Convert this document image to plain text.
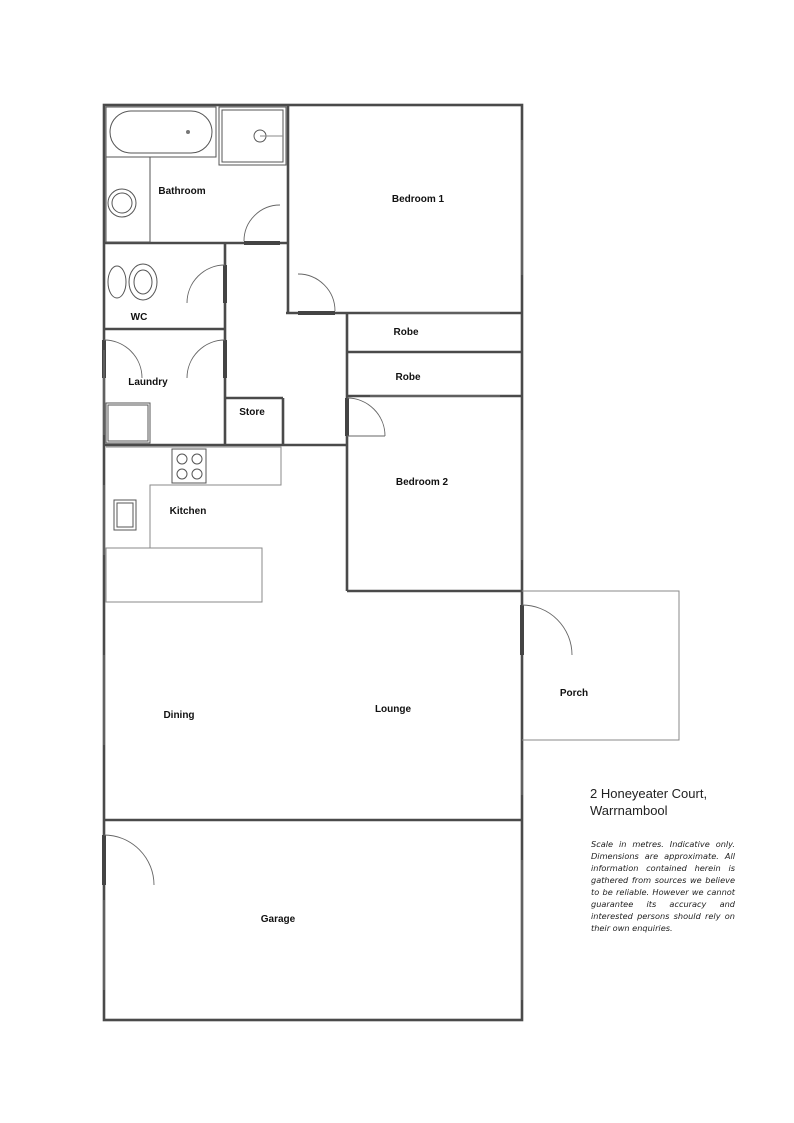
Bathroom
Bedroom 1
WC
Robe
Robe
Laundry
Store
Bedroom 2
Kitchen
Porch
Dining
Lounge
Garage
2 Honeyeater Court,
Warrnambool
Scale in metres. Indicative only. Dimensions are approximate. All information contained herein is gathered from sources we believe to be reliable. However we cannot guarantee its accuracy and interested persons should rely on their own enquiries.
